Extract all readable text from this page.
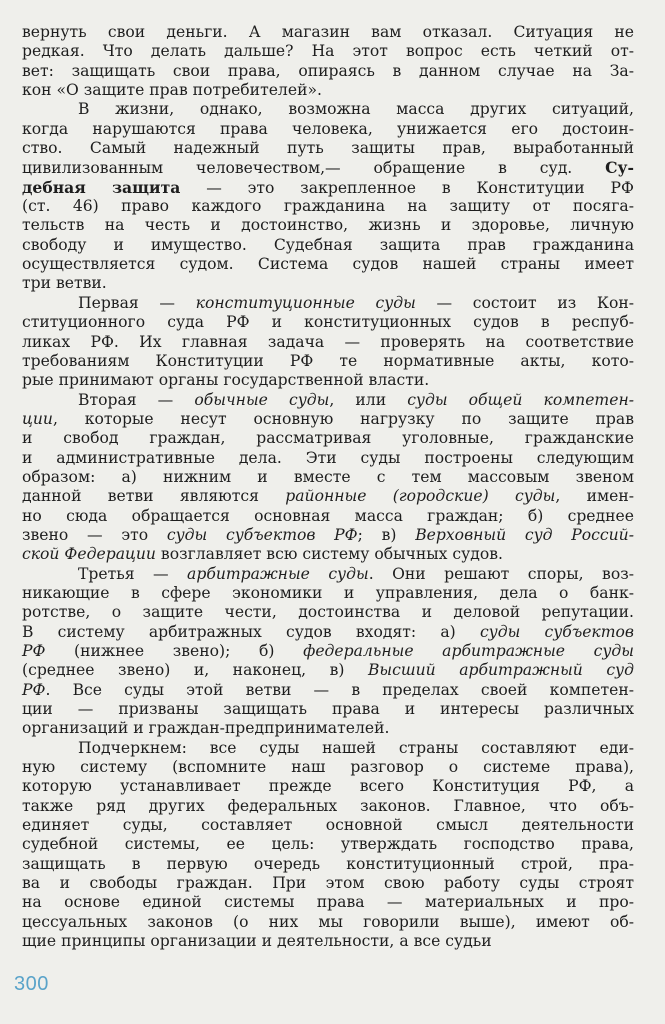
вернуть свои деньги. А магазин вам отказал. Ситуация не
редкая. Что делать дальше? На этот вопрос есть четкий от-
вет: защищать свои права, опираясь в данном случае на За-
кон «О защите прав потребителей».
В жизни, однако, возможна масса других ситуаций,
когда нарушаются права человека, унижается его достоин-
ство. Самый надежный путь защиты прав, выработанный
цивилизованным человечеством,— обращение в суд. Су-
дебная защита — это закрепленное в Конституции РФ
(ст. 46) право каждого гражданина на защиту от посяга-
тельств на честь и достоинство, жизнь и здоровье, личную
свободу и имущество. Судебная защита прав гражданина
осуществляется судом. Система судов нашей страны имеет
три ветви.
Первая — конституционные суды — состоит из Кон-
ституционного суда РФ и конституционных судов в респуб-
ликах РФ. Их главная задача — проверять на соответствие
требованиям Конституции РФ те нормативные акты, кото-
рые принимают органы государственной власти.
Вторая — обычные суды, или суды общей компетен-
ции, которые несут основную нагрузку по защите прав
и свобод граждан, рассматривая уголовные, гражданские
и административные дела. Эти суды построены следующим
образом: а) нижним и вместе с тем массовым звеном
данной ветви являются районные (городские) суды, имен-
но сюда обращается основная масса граждан; б) среднее
звено — это суды субъектов РФ; в) Верховный суд Россий-
ской Федерации возглавляет всю систему обычных судов.
Третья — арбитражные суды. Они решают споры, воз-
никающие в сфере экономики и управления, дела о банк-
ротстве, о защите чести, достоинства и деловой репутации.
В систему арбитражных судов входят: а) суды субъектов
РФ (нижнее звено); б) федеральные арбитражные суды
(среднее звено) и, наконец, в) Высший арбитражный суд
РФ. Все суды этой ветви — в пределах своей компетен-
ции — призваны защищать права и интересы различных
организаций и граждан-предпринимателей.
Подчеркнем: все суды нашей страны составляют еди-
ную систему (вспомните наш разговор о системе права),
которую устанавливает прежде всего Конституция РФ, а
также ряд других федеральных законов. Главное, что объ-
единяет суды, составляет основной смысл деятельности
судебной системы, ее цель: утверждать господство права,
защищать в первую очередь конституционный строй, пра-
ва и свободы граждан. При этом свою работу суды строят
на основе единой системы права — материальных и про-
цессуальных законов (о них мы говорили выше), имеют об-
щие принципы организации и деятельности, а все судьи
300
